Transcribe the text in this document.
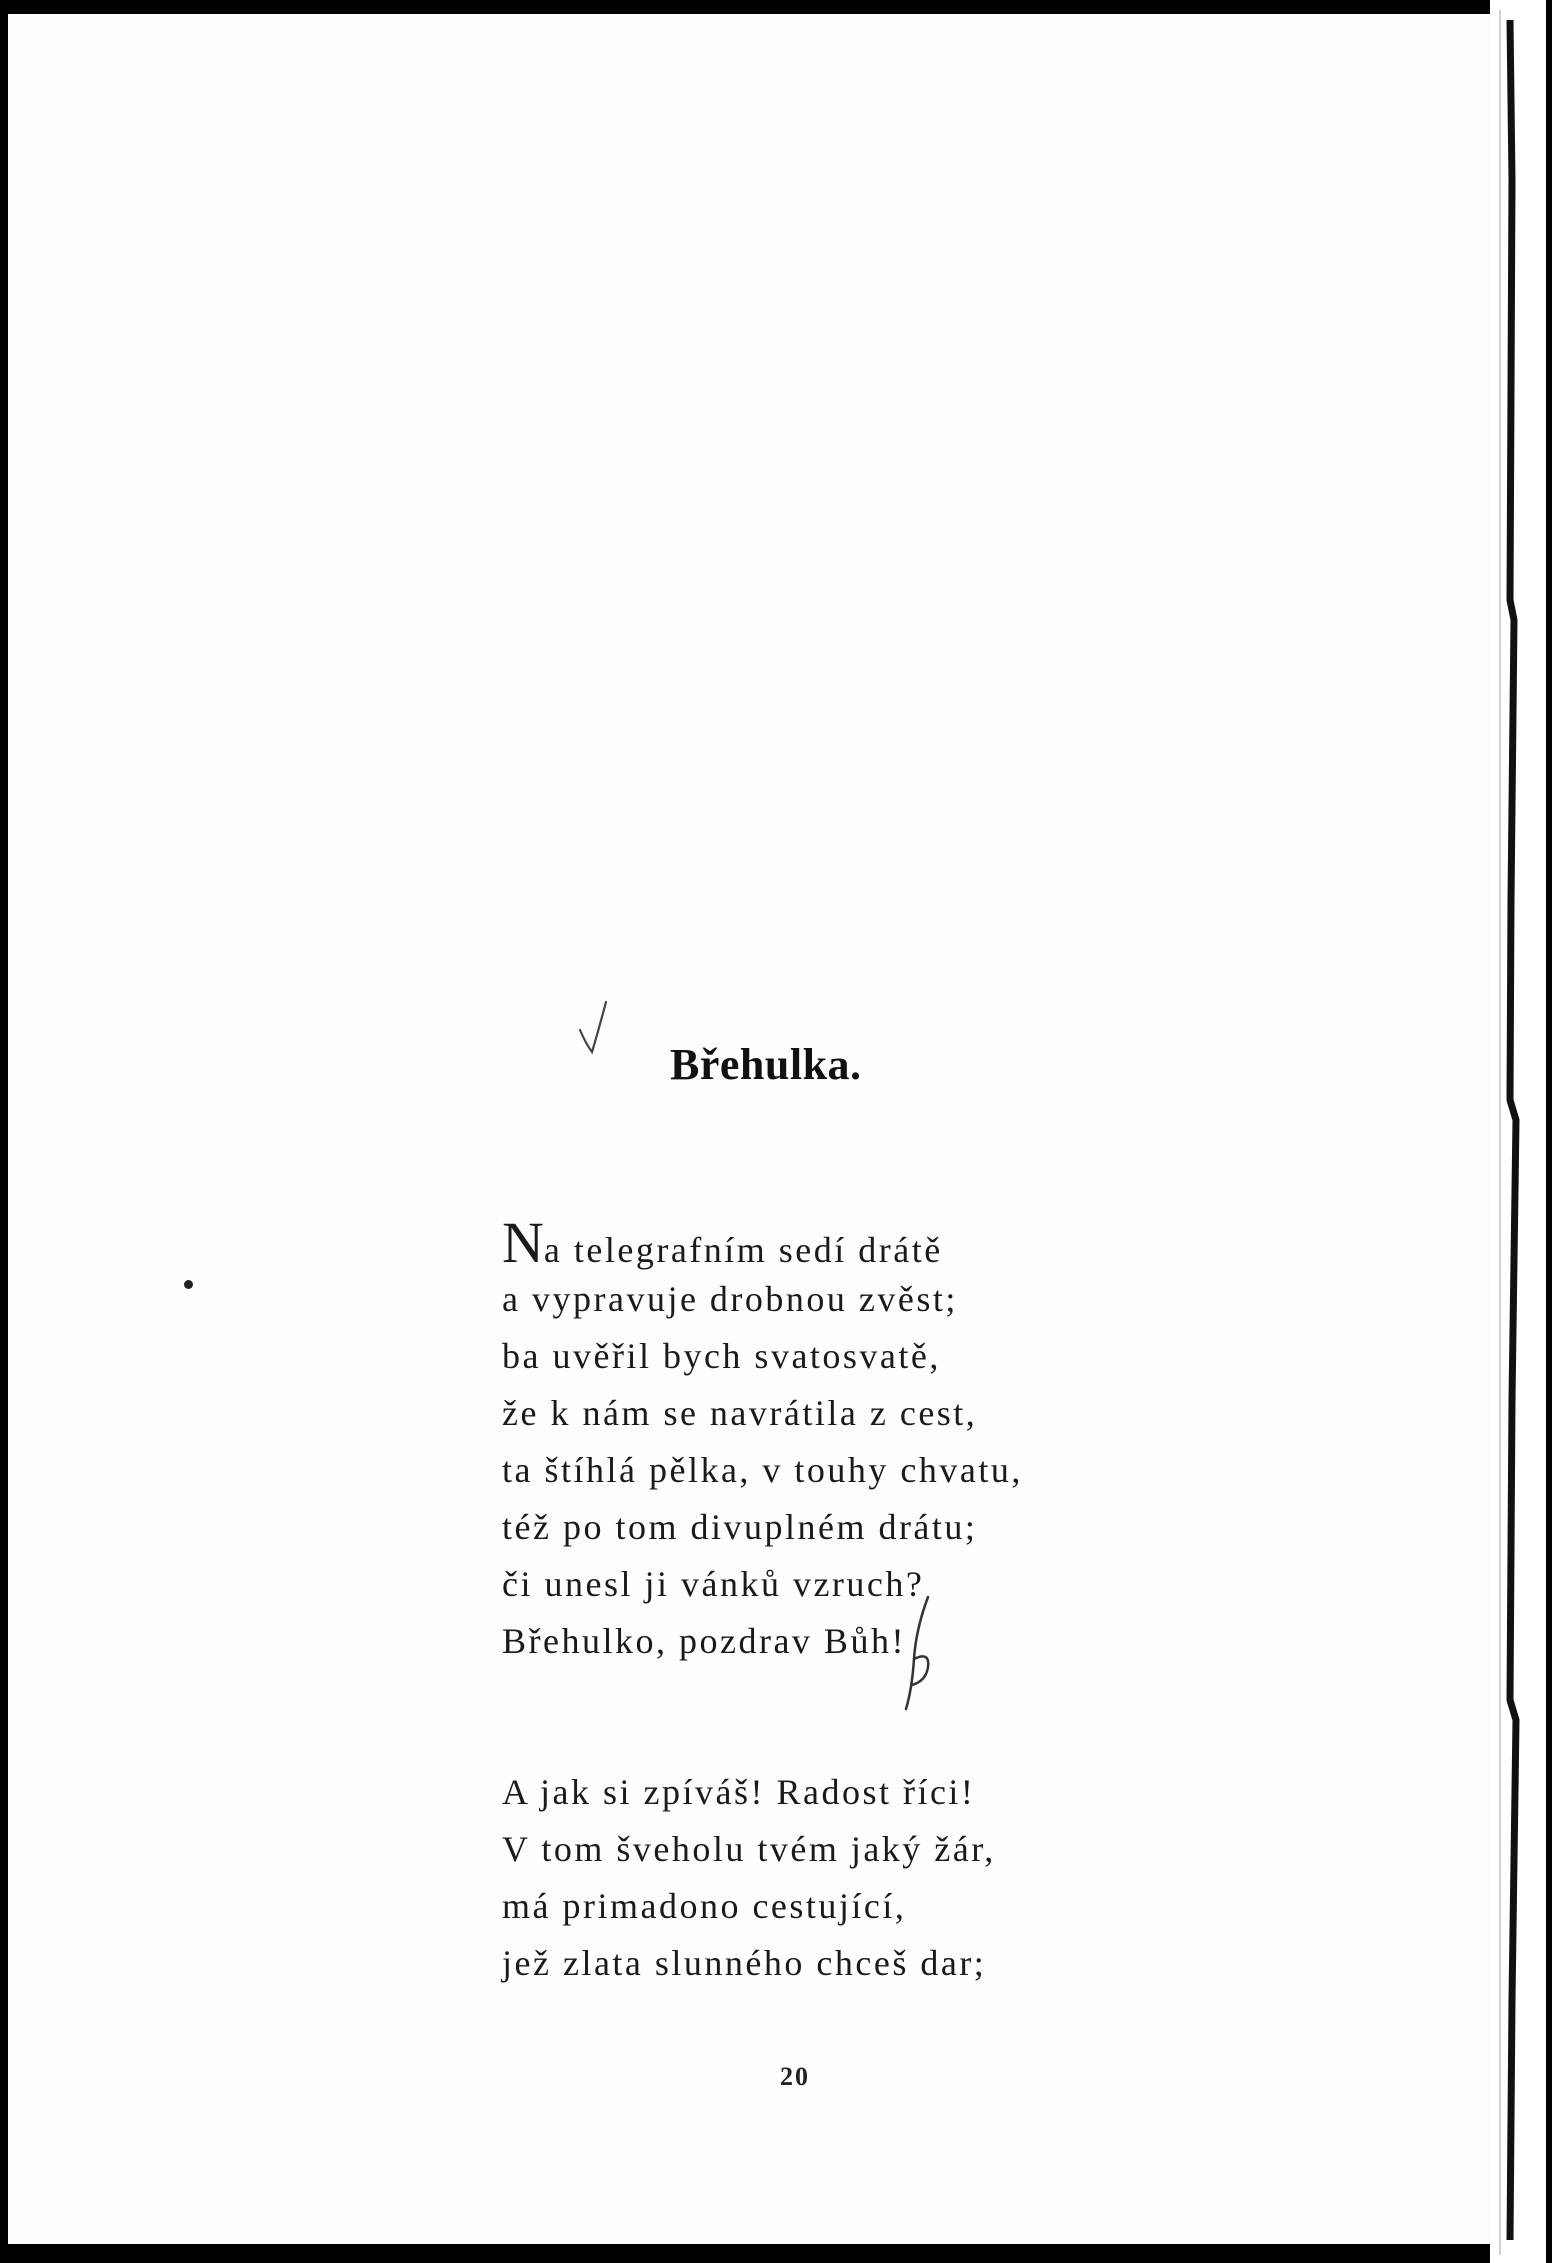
Břehulka.
Na telegrafním sedí drátě
a vypravuje drobnou zvěst;
ba uvěřil bych svatosvatě,
že k nám se navrátila z cest,
ta štíhlá pělka, v touhy chvatu,
též po tom divuplném drátu;
či unesl ji vánků vzruch?
Břehulko, pozdrav Bůh!
A jak si zpíváš! Radost říci!
V tom šveholu tvém jaký žár,
má primadono cestující,
jež zlata slunného chceš dar;

20
